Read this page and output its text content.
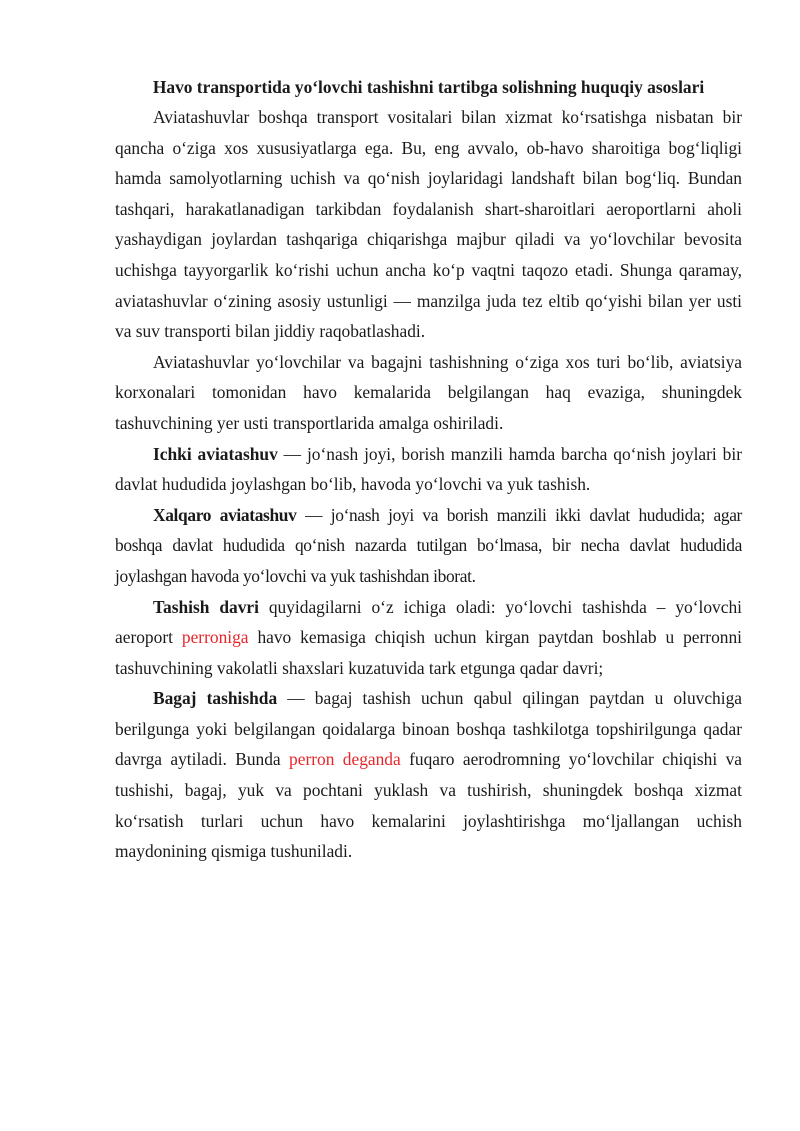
Havo transportida yo‘lovchi tashishni tartibga solishning huquqiy asoslari

Aviatashuvlar boshqa transport vositalari bilan xizmat ko‘rsatishga nisbatan bir qancha o‘ziga xos xususiyatlarga ega. Bu, eng avvalo, ob-havo sharoitiga bog‘liqligi hamda samolyotlarning uchish va qo‘nish joylaridagi landshaft bilan bog‘liq. Bundan tashqari, harakatlanadigan tarkibdan foydalanish shart-sharoitlari aeroportlarni aholi yashaydigan joylardan tashqariga chiqarishga majbur qiladi va yo‘lovchilar bevosita uchishga tayyorgarlik ko‘rishi uchun ancha ko‘p vaqtni taqozo etadi. Shunga qaramay, aviatashuvlar o‘zining asosiy ustunligi — manzilga juda tez eltib qo‘yishi bilan yer usti va suv transporti bilan jiddiy raqobatlashadi.

Aviatashuvlar yo‘lovchilar va bagajni tashishning o‘ziga xos turi bo‘lib, aviatsiya korxonalari tomonidan havo kemalarida belgilangan haq evaziga, shuningdek tashuvchining yer usti transportlarida amalga oshiriladi.

Ichki aviatashuv — jo‘nash joyi, borish manzili hamda barcha qo‘nish joylari bir davlat hududida joylashgan bo‘lib, havoda yo‘lovchi va yuk tashish.

Xalqaro aviatashuv — jo‘nash joyi va borish manzili ikki davlat hududida; agar boshqa davlat hududida qo‘nish nazarda tutilgan bo‘lmasa, bir necha davlat hududida joylashgan havoda yo‘lovchi va yuk tashishdan iborat.

Tashish davri quyidagilarni o‘z ichiga oladi: yo‘lovchi tashishda – yo‘lovchi aeroport perroniga havo kemasiga chiqish uchun kirgan paytdan boshlab u perronni tashuvchining vakolatli shaxslari kuzatuvida tark etgunga qadar davri;

Bagaj tashishda — bagaj tashish uchun qabul qilingan paytdan u oluvchiga berilgunga yoki belgilangan qoidalarga binoan boshqa tashkilotga topshirilgunga qadar davrga aytiladi. Bunda perron deganda fuqaro aerodromning yo‘lovchilar chiqishi va tushishi, bagaj, yuk va pochtani yuklash va tushirish, shuningdek boshqa xizmat ko‘rsatish turlari uchun havo kemalarini joylashtirishga mo‘ljallangan uchish maydonining qismiga tushuniladi.
